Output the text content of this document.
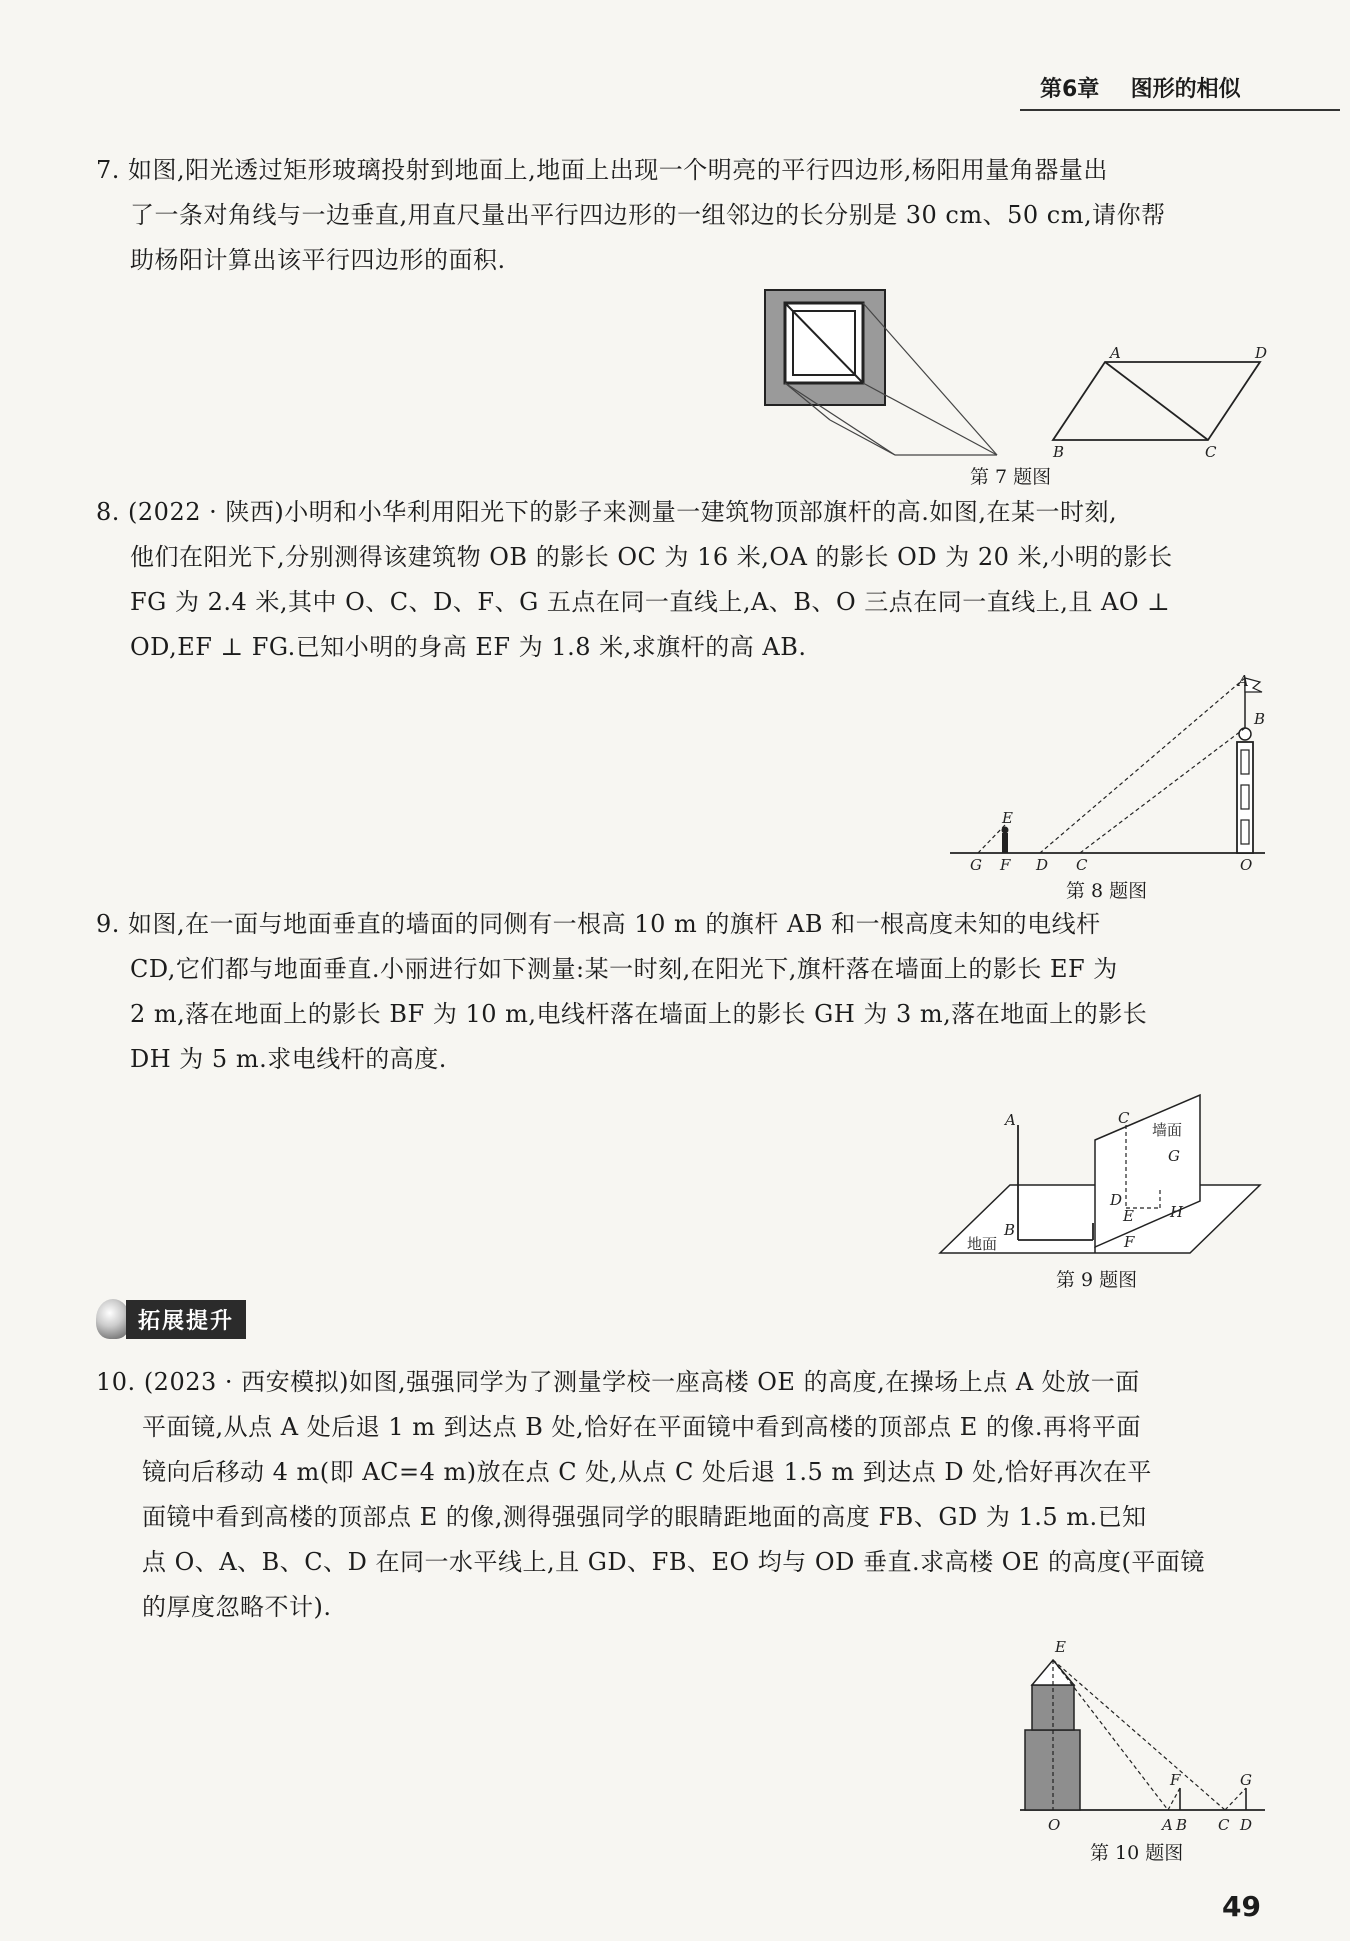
第6章 图形的相似
7. 如图,阳光透过矩形玻璃投射到地面上,地面上出现一个明亮的平行四边形,杨阳用量角器量出
了一条对角线与一边垂直,用直尺量出平行四边形的一组邻边的长分别是 30 cm、50 cm,请你帮
助杨阳计算出该平行四边形的面积.
A	D
B	C
第 7 题图
8. (2022 · 陕西)小明和小华利用阳光下的影子来测量一建筑物顶部旗杆的高.如图,在某一时刻,
他们在阳光下,分别测得该建筑物 OB 的影长 OC 为 16 米,OA 的影长 OD 为 20 米,小明的影长
FG 为 2.4 米,其中 O、C、D、F、G 五点在同一直线上,A、B、O 三点在同一直线上,且 AO ⊥
OD,EF ⊥ FG.已知小明的身高 EF 为 1.8 米,求旗杆的高 AB.
A
B
E
G F D C	O
第 8 题图
9. 如图,在一面与地面垂直的墙面的同侧有一根高 10 m 的旗杆 AB 和一根高度未知的电线杆
CD,它们都与地面垂直.小丽进行如下测量:某一时刻,在阳光下,旗杆落在墙面上的影长 EF 为
2 m,落在地面上的影长 BF 为 10 m,电线杆落在墙面上的影长 GH 为 3 m,落在地面上的影长
DH 为 5 m.求电线杆的高度.
A
B
C
D
E
F
G
H
墙面
地面
第 9 题图
拓展提升
10. (2023 · 西安模拟)如图,强强同学为了测量学校一座高楼 OE 的高度,在操场上点 A 处放一面
平面镜,从点 A 处后退 1 m 到达点 B 处,恰好在平面镜中看到高楼的顶部点 E 的像.再将平面
镜向后移动 4 m(即 AC=4 m)放在点 C 处,从点 C 处后退 1.5 m 到达点 D 处,恰好再次在平
面镜中看到高楼的顶部点 E 的像,测得强强同学的眼睛距地面的高度 FB、GD 为 1.5 m.已知
点 O、A、B、C、D 在同一水平线上,且 GD、FB、EO 均与 OD 垂直.求高楼 OE 的高度(平面镜
的厚度忽略不计).
E
F	G
O	A B C D
第 10 题图
49
